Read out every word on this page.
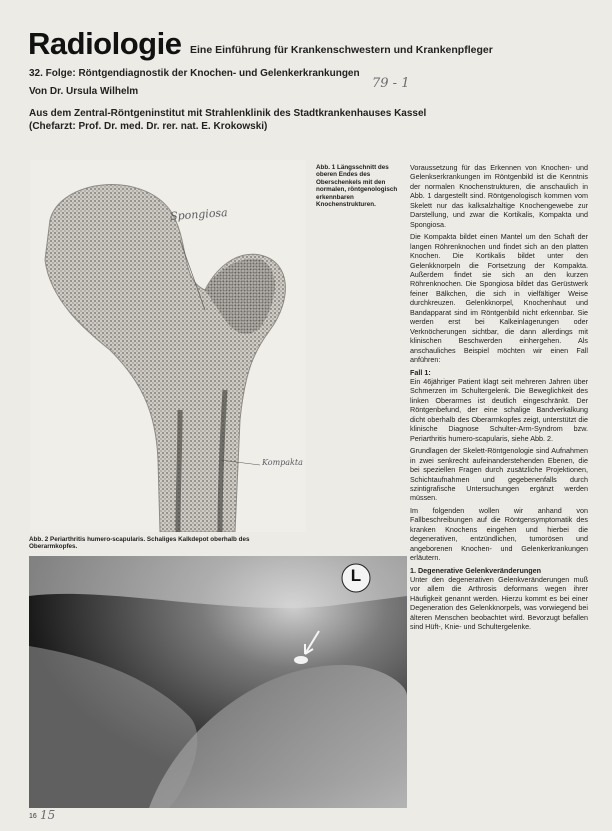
Radiologie Eine Einführung für Krankenschwestern und Krankenpfleger
32. Folge: Röntgendiagnostik der Knochen- und Gelenkerkrankungen
79 - 1
Von Dr. Ursula Wilhelm
Aus dem Zentral-Röntgeninstitut mit Strahlenklinik des Stadtkrankenhauses Kassel
(Chefarzt: Prof. Dr. med. Dr. rer. nat. E. Krokowski)
Spongiosa
Kompakta
Abb. 1 Längsschnitt des oberen Endes des Oberschenkels mit den normalen, röntgenologisch erkennbaren Knochenstrukturen.
Abb. 2 Periarthritis humero-scapularis. Schaliges Kalkdepot oberhalb des Oberarmkopfes.
L

Voraussetzung für das Erkennen von Knochen- und Gelenkserkrankungen im Röntgenbild ist die Kenntnis der normalen Knochenstrukturen, die anschaulich in Abb. 1 dargestellt sind. Röntgenologisch kommen vom Skelett nur das kalksalzhaltige Knochengewebe zur Darstellung, und zwar die Kortikalis, Kompakta und Spongiosa.

Die Kompakta bildet einen Mantel um den Schaft der langen Röhrenknochen und findet sich an den platten Knochen. Die Kortikalis bildet unter den Gelenkknorpeln die Fortsetzung der Kompakta. Außerdem findet sie sich an den kurzen Röhrenknochen. Die Spongiosa bildet das Gerüstwerk feiner Bälkchen, die sich in vielfältiger Weise durchkreuzen. Gelenkknorpel, Knochenhaut und Bandapparat sind im Röntgenbild nicht erkennbar. Sie werden erst bei Kalkeinlagerungen oder Verknöcherungen sichtbar, die dann allerdings mit klinischen Beschwerden einhergehen. Als anschauliches Beispiel möchten wir einen Fall anführen:

Fall 1:

Ein 46jähriger Patient klagt seit mehreren Jahren über Schmerzen im Schultergelenk. Die Beweglichkeit des linken Oberarmes ist deutlich eingeschränkt. Der Röntgenbefund, der eine schalige Bandverkalkung dicht oberhalb des Oberarmkopfes zeigt, unterstützt die klinische Diagnose Schulter-Arm-Syndrom bzw. Periarthritis humero-scapularis, siehe Abb. 2.

Grundlagen der Skelett-Röntgenologie sind Aufnahmen in zwei senkrecht aufeinanderstehenden Ebenen, die bei speziellen Fragen durch zusätzliche Projektionen, Schichtaufnahmen und gegebenenfalls durch szintigrafische Untersuchungen ergänzt werden müssen.

Im folgenden wollen wir anhand von Fallbeschreibungen auf die Röntgensymptomatik des kranken Knochens eingehen und hierbei die degenerativen, entzündlichen, tumorösen und angeborenen Knochen- und Gelenkerkrankungen erläutern.

1. Degenerative Gelenkveränderungen

Unter den degenerativen Gelenkveränderungen muß vor allem die Arthrosis deformans wegen ihrer Häufigkeit genannt werden. Hierzu kommt es bei einer Degeneration des Gelenkknorpels, was vorwiegend bei älteren Menschen beobachtet wird. Bevorzugt befallen sind Hüft-, Knie- und Schultergelenke.

16 15
